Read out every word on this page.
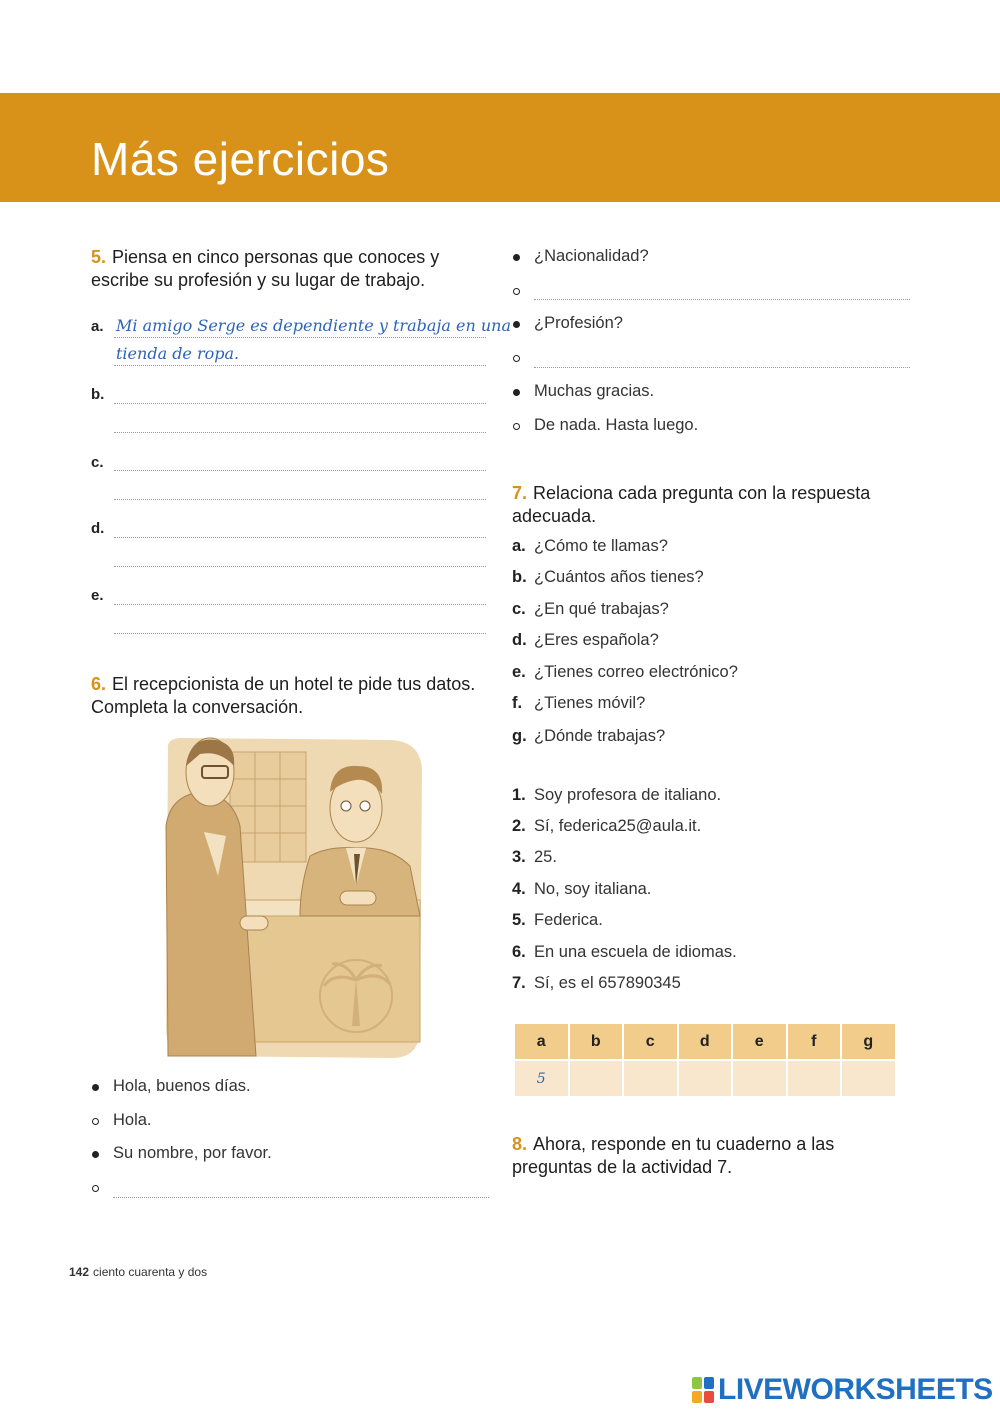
Más ejercicios
5. Piensa en cinco personas que conoces y escribe su profesión y su lugar de trabajo.
a. Mi amigo Serge es dependiente y trabaja en una
tienda de ropa.
b.
c.
d.
e.
6. El recepcionista de un hotel te pide tus datos. Completa la conversación.
Hola, buenos días.
Hola.
Su nombre, por favor.
¿Nacionalidad?
¿Profesión?
Muchas gracias.
De nada. Hasta luego.
7. Relaciona cada pregunta con la respuesta adecuada.
a. ¿Cómo te llamas?
b. ¿Cuántos años tienes?
c. ¿En qué trabajas?
d. ¿Eres española?
e. ¿Tienes correo electrónico?
f. ¿Tienes móvil?
g. ¿Dónde trabajas?
1. Soy profesora de italiano.
2. Sí, federica25@aula.it.
3. 25.
4. No, soy italiana.
5. Federica.
6. En una escuela de idiomas.
7. Sí, es el 657890345
a	b	c	d	e	f	g
5						
8. Ahora, responde en tu cuaderno a las preguntas de la actividad 7.
142 ciento cuarenta y dos
LIVEWORKSHEETS
